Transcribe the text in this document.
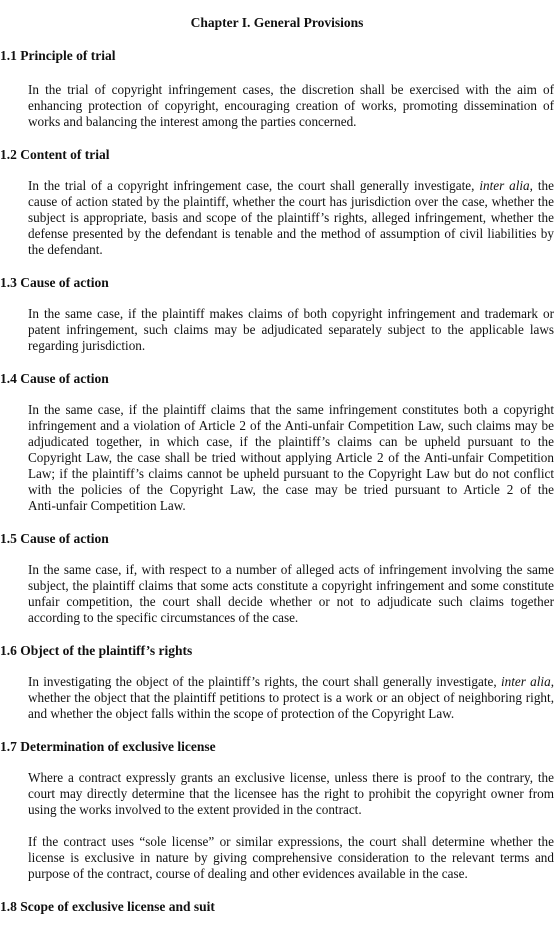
Chapter I. General Provisions
1.1 Principle of trial
In the trial of copyright infringement cases, the discretion shall be exercised with the aim of
enhancing protection of copyright, encouraging creation of works, promoting dissemination of
works and balancing the interest among the parties concerned.
1.2 Content of trial
In the trial of a copyright infringement case, the court shall generally investigate, inter alia, the
cause of action stated by the plaintiff, whether the court has jurisdiction over the case, whether the
subject is appropriate, basis and scope of the plaintiff’s rights, alleged infringement, whether the
defense presented by the defendant is tenable and the method of assumption of civil liabilities by
the defendant.
1.3 Cause of action
In the same case, if the plaintiff makes claims of both copyright infringement and trademark or
patent infringement, such claims may be adjudicated separately subject to the applicable laws
regarding jurisdiction.
1.4 Cause of action
In the same case, if the plaintiff claims that the same infringement constitutes both a copyright
infringement and a violation of Article 2 of the Anti-unfair Competition Law, such claims may be
adjudicated together, in which case, if the plaintiff’s claims can be upheld pursuant to the
Copyright Law, the case shall be tried without applying Article 2 of the Anti-unfair Competition
Law; if the plaintiff’s claims cannot be upheld pursuant to the Copyright Law but do not conflict
with the policies of the Copyright Law, the case may be tried pursuant to Article 2 of the
Anti-unfair Competition Law.
1.5 Cause of action
In the same case, if, with respect to a number of alleged acts of infringement involving the same
subject, the plaintiff claims that some acts constitute a copyright infringement and some constitute
unfair competition, the court shall decide whether or not to adjudicate such claims together
according to the specific circumstances of the case.
1.6 Object of the plaintiff’s rights
In investigating the object of the plaintiff’s rights, the court shall generally investigate, inter alia,
whether the object that the plaintiff petitions to protect is a work or an object of neighboring right,
and whether the object falls within the scope of protection of the Copyright Law.
1.7 Determination of exclusive license
Where a contract expressly grants an exclusive license, unless there is proof to the contrary, the
court may directly determine that the licensee has the right to prohibit the copyright owner from
using the works involved to the extent provided in the contract.
If the contract uses “sole license” or similar expressions, the court shall determine whether the
license is exclusive in nature by giving comprehensive consideration to the relevant terms and
purpose of the contract, course of dealing and other evidences available in the case.
1.8 Scope of exclusive license and suit
